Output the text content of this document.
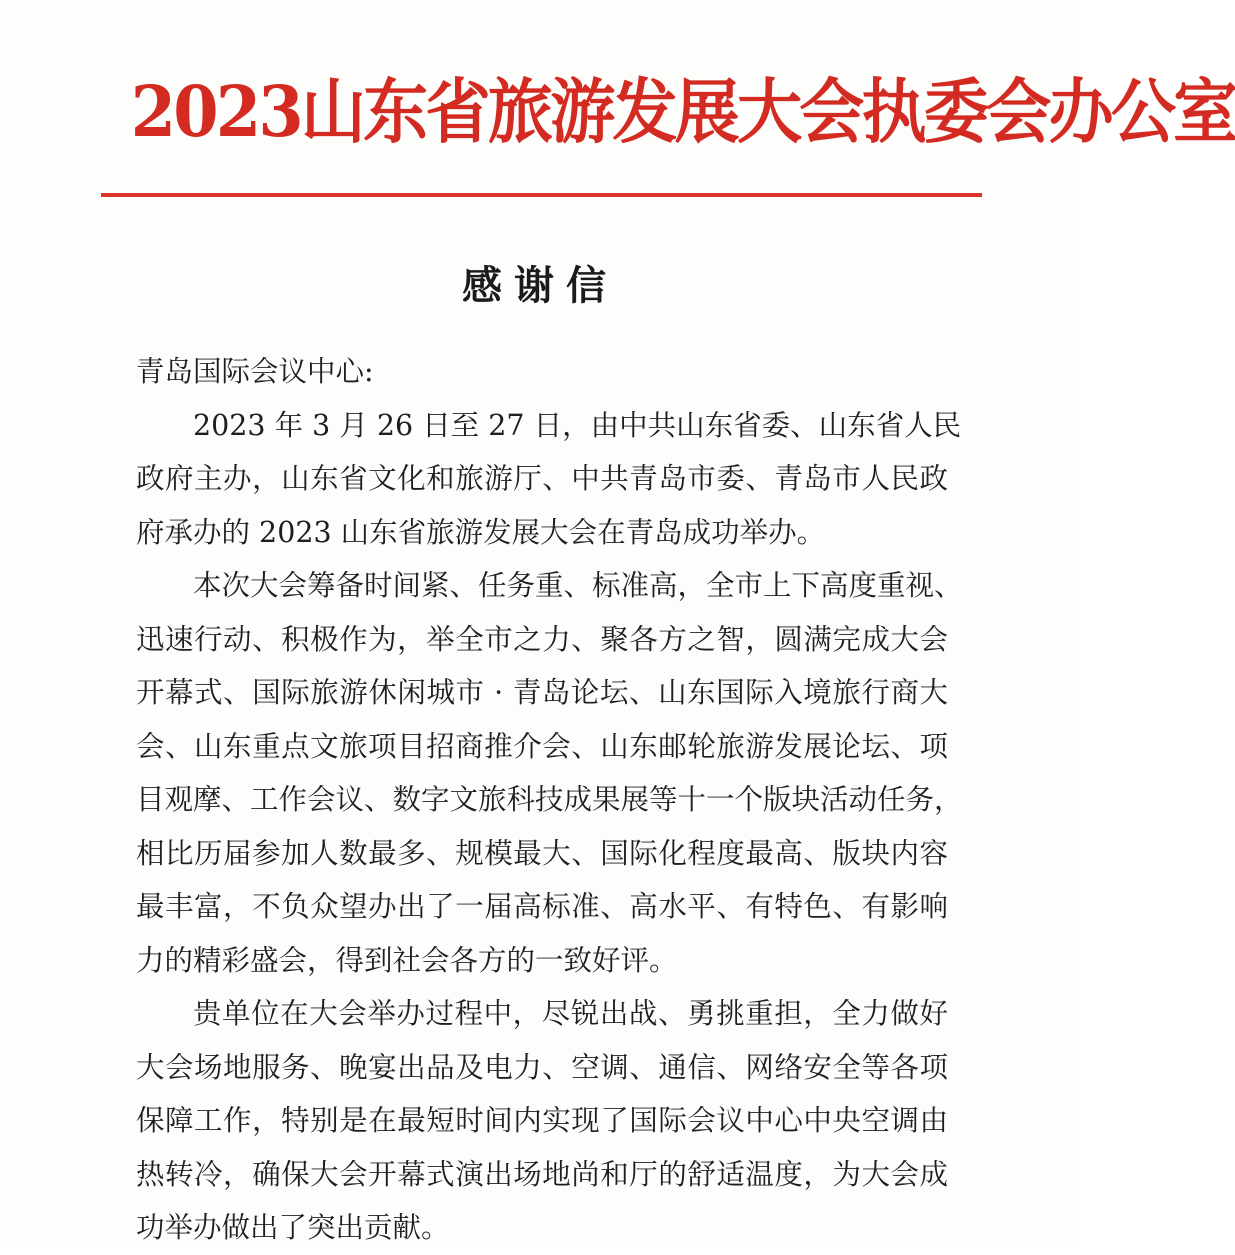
2023山东省旅游发展大会执委会办公室
感谢信
青岛国际会议中心:
2023 年 3 月 26 日至 27 日，由中共山东省委、山东省人民
政府主办，山东省文化和旅游厅、中共青岛市委、青岛市人民政
府承办的 2023 山东省旅游发展大会在青岛成功举办。
本次大会筹备时间紧、任务重、标准高，全市上下高度重视、
迅速行动、积极作为，举全市之力、聚各方之智，圆满完成大会
开幕式、国际旅游休闲城市 · 青岛论坛、山东国际入境旅行商大
会、山东重点文旅项目招商推介会、山东邮轮旅游发展论坛、项
目观摩、工作会议、数字文旅科技成果展等十一个版块活动任务，
相比历届参加人数最多、规模最大、国际化程度最高、版块内容
最丰富，不负众望办出了一届高标准、高水平、有特色、有影响
力的精彩盛会，得到社会各方的一致好评。
贵单位在大会举办过程中，尽锐出战、勇挑重担，全力做好
大会场地服务、晚宴出品及电力、空调、通信、网络安全等各项
保障工作，特别是在最短时间内实现了国际会议中心中央空调由
热转冷，确保大会开幕式演出场地尚和厅的舒适温度，为大会成
功举办做出了突出贡献。
